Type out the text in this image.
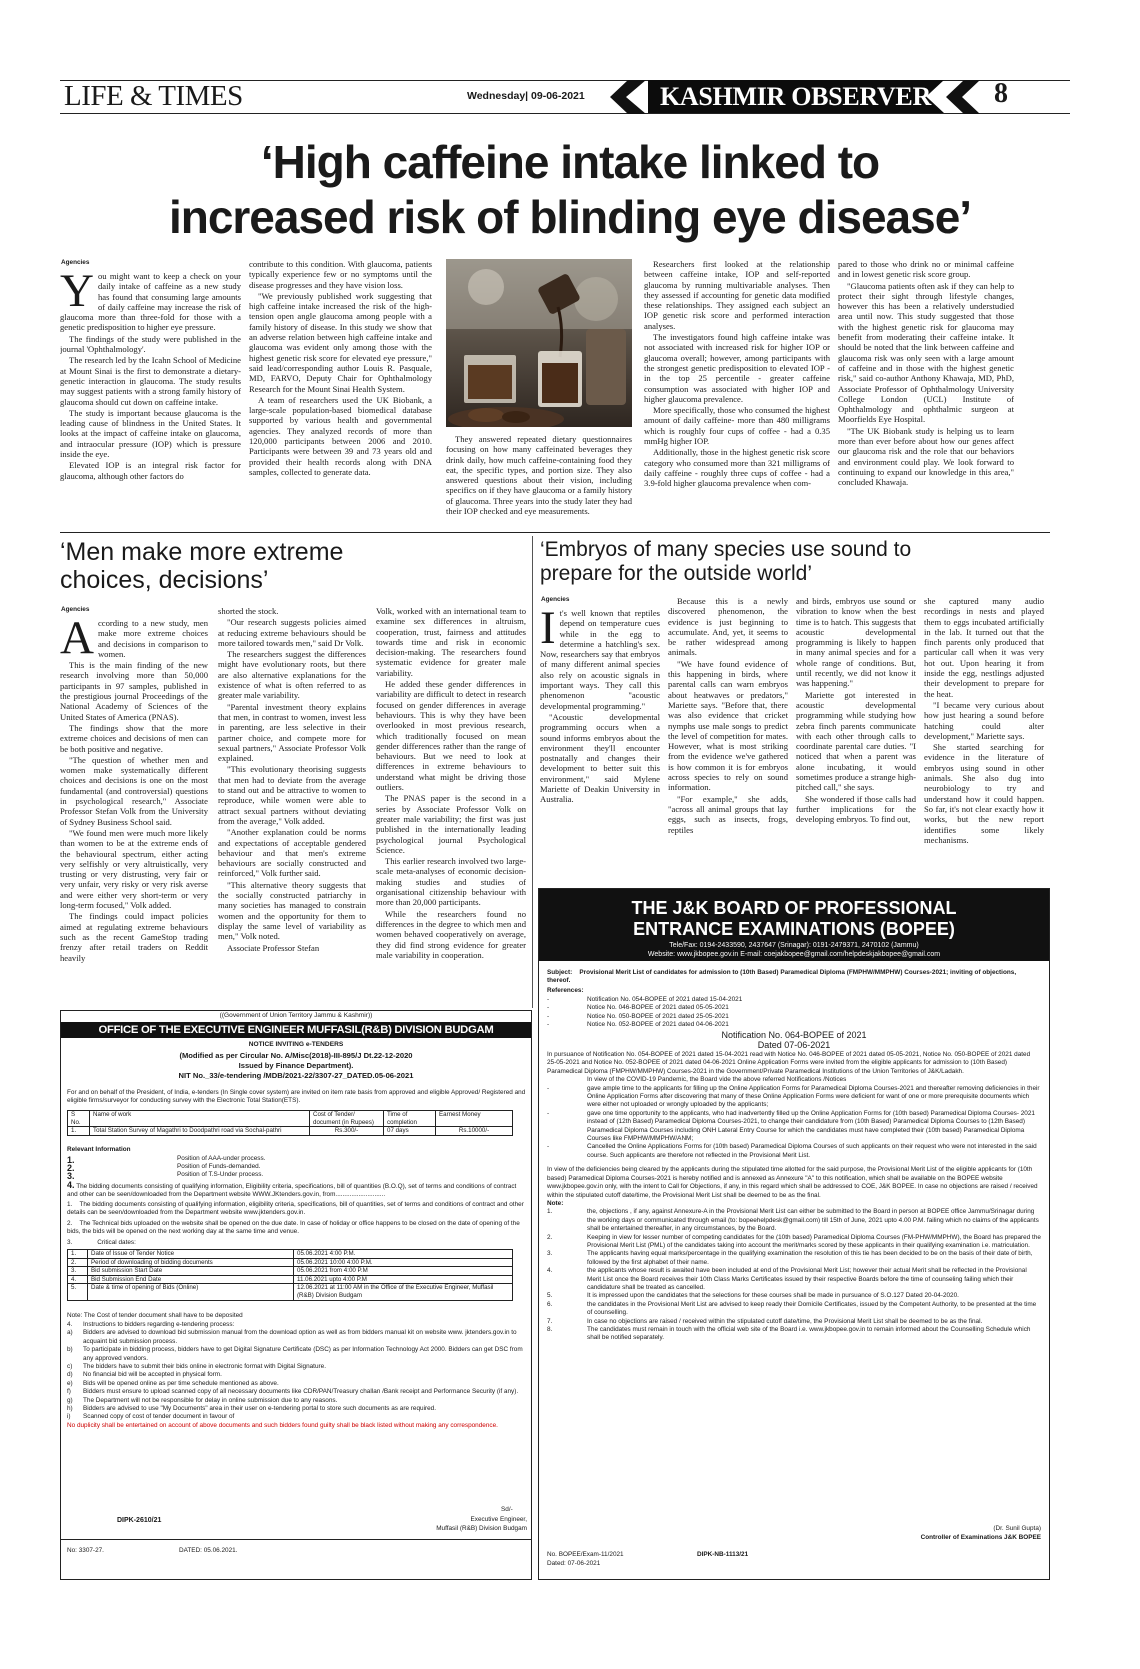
LIFE & TIMES	Wednesday| 09-06-2021	KASHMIR OBSERVER 8
‘High caffeine intake linked to
increased risk of blinding eye disease’
Agencies
Y ou might want to keep a check on your daily intake of caffeine as a new study has found that consuming large amounts of daily caffeine may increase the risk of glaucoma more than three-fold for those with a genetic predisposition to higher eye pressure.

The findings of the study were published in the journal 'Ophthalmology'.

The research led by the Icahn School of Medicine at Mount Sinai is the first to demonstrate a dietary-genetic interaction in glaucoma. The study results may suggest patients with a strong family history of glaucoma should cut down on caffeine intake.

The study is important because glaucoma is the leading cause of blindness in the United States. It looks at the impact of caffeine intake on glaucoma, and intraocular pressure (IOP) which is pressure inside the eye.

Elevated IOP is an integral risk factor for glaucoma, although other factors do

contribute to this condition. With glaucoma, patients typically experience few or no symptoms until the disease progresses and they have vision loss.

"We previously published work suggesting that high caffeine intake increased the risk of the high-tension open angle glaucoma among people with a family history of disease. In this study we show that an adverse relation between high caffeine intake and glaucoma was evident only among those with the highest genetic risk score for elevated eye pressure," said lead/corresponding author Louis R. Pasquale, MD, FARVO, Deputy Chair for Ophthalmology Research for the Mount Sinai Health System.

A team of researchers used the UK Biobank, a large-scale population-based biomedical database supported by various health and governmental agencies. They analyzed records of more than 120,000 participants between 2006 and 2010. Participants were between 39 and 73 years old and provided their health records along with DNA samples, collected to generate data.

They answered repeated dietary questionnaires focusing on how many caffeinated beverages they drink daily, how much caffeine-containing food they eat, the specific types, and portion size. They also answered questions about their vision, including specifics on if they have glaucoma or a family history of glaucoma. Three years into the study later they had their IOP checked and eye measurements.

Researchers first looked at the relationship between caffeine intake, IOP and self-reported glaucoma by running multivariable analyses. Then they assessed if accounting for genetic data modified these relationships. They assigned each subject an IOP genetic risk score and performed interaction analyses.

The investigators found high caffeine intake was not associated with increased risk for higher IOP or glaucoma overall; however, among participants with the strongest genetic predisposition to elevated IOP - in the top 25 percentile - greater caffeine consumption was associated with higher IOP and higher glaucoma prevalence.

More specifically, those who consumed the highest amount of daily caffeine- more than 480 milligrams which is roughly four cups of coffee - had a 0.35 mmHg higher IOP.

Additionally, those in the highest genetic risk score category who consumed more than 321 milligrams of daily caffeine - roughly three cups of coffee - had a 3.9-fold higher glaucoma prevalence when com-

pared to those who drink no or minimal caffeine and in lowest genetic risk score group.

"Glaucoma patients often ask if they can help to protect their sight through lifestyle changes, however this has been a relatively understudied area until now. This study suggested that those with the highest genetic risk for glaucoma may benefit from moderating their caffeine intake. It should be noted that the link between caffeine and glaucoma risk was only seen with a large amount of caffeine and in those with the highest genetic risk," said co-author Anthony Khawaja, MD, PhD, Associate Professor of Ophthalmology University College London (UCL) Institute of Ophthalmology and ophthalmic surgeon at Moorfields Eye Hospital.

"The UK Biobank study is helping us to learn more than ever before about how our genes affect our glaucoma risk and the role that our behaviors and environment could play. We look forward to continuing to expand our knowledge in this area," concluded Khawaja.

‘Men make more extreme
choices, decisions’
Agencies
A ccording to a new study, men make more extreme choices and decisions in comparison to women.

This is the main finding of the new research involving more than 50,000 participants in 97 samples, published in the prestigious journal Proceedings of the National Academy of Sciences of the United States of America (PNAS).

The findings show that the more extreme choices and decisions of men can be both positive and negative.

"The question of whether men and women make systematically different choices and decisions is one on the most fundamental (and controversial) questions in psychological research," Associate Professor Stefan Volk from the University of Sydney Business School said.

"We found men were much more likely than women to be at the extreme ends of the behavioural spectrum, either acting very selfishly or very altruistically, very trusting or very distrusting, very fair or very unfair, very risky or very risk averse and were either very short-term or very long-term focused," Volk added.

The findings could impact policies aimed at regulating extreme behaviours such as the recent GameStop trading frenzy after retail traders on Reddit heavily

shorted the stock.

"Our research suggests policies aimed at reducing extreme behaviours should be more tailored towards men," said Dr Volk.

The researchers suggest the differences might have evolutionary roots, but there are also alternative explanations for the existence of what is often referred to as greater male variability.

"Parental investment theory explains that men, in contrast to women, invest less in parenting, are less selective in their partner choice, and compete more for sexual partners," Associate Professor Volk explained.

"This evolutionary theorising suggests that men had to deviate from the average to stand out and be attractive to women to reproduce, while women were able to attract sexual partners without deviating from the average," Volk added.

"Another explanation could be norms and expectations of acceptable gendered behaviour and that men's extreme behaviours are socially constructed and reinforced," Volk further said.

"This alternative theory suggests that the socially constructed patriarchy in many societies has managed to constrain women and the opportunity for them to display the same level of variability as men," Volk noted.

Associate Professor Stefan

Volk, worked with an international team to examine sex differences in altruism, cooperation, trust, fairness and attitudes towards time and risk in economic decision-making. The researchers found systematic evidence for greater male variability.

He added these gender differences in variability are difficult to detect in research focused on gender differences in average behaviours. This is why they have been overlooked in most previous research, which traditionally focused on mean gender differences rather than the range of behaviours. But we need to look at differences in extreme behaviours to understand what might be driving those outliers.

The PNAS paper is the second in a series by Associate Professor Volk on greater male variability; the first was just published in the internationally leading psychological journal Psychological Science.

This earlier research involved two large-scale meta-analyses of economic decision-making studies and studies of organisational citizenship behaviour with more than 20,000 participants.

While the researchers found no differences in the degree to which men and women behaved cooperatively on average, they did find strong evidence for greater male variability in cooperation.

‘Embryos of many species use sound to
prepare for the outside world’
Agencies
I t's well known that reptiles depend on temperature cues while in the egg to determine a hatchling's sex. Now, researchers say that embryos of many different animal species also rely on acoustic signals in important ways. They call this phenomenon "acoustic developmental programming."

"Acoustic developmental programming occurs when a sound informs embryos about the environment they'll encounter postnatally and changes their development to better suit this environment," said Mylene Mariette of Deakin University in Australia.

Because this is a newly discovered phenomenon, the evidence is just beginning to accumulate. And, yet, it seems to be rather widespread among animals.

"We have found evidence of this happening in birds, where parental calls can warn embryos about heatwaves or predators," Mariette says. "Before that, there was also evidence that cricket nymphs use male songs to predict the level of competition for mates. However, what is most striking from the evidence we've gathered is how common it is for embryos across species to rely on sound information.

"For example," she adds, "across all animal groups that lay eggs, such as insects, frogs, reptiles

and birds, embryos use sound or vibration to know when the best time is to hatch. This suggests that acoustic developmental programming is likely to happen in many animal species and for a whole range of conditions. But, until recently, we did not know it was happening."

Mariette got interested in acoustic developmental programming while studying how zebra finch parents communicate with each other through calls to coordinate parental care duties. "I noticed that when a parent was alone incubating, it would sometimes produce a strange high-pitched call," she says.

She wondered if those calls had further implications for the developing embryos. To find out,

she captured many audio recordings in nests and played them to eggs incubated artificially in the lab. It turned out that the finch parents only produced that particular call when it was very hot out. Upon hearing it from inside the egg, nestlings adjusted their development to prepare for the heat.

"I became very curious about how just hearing a sound before hatching could alter development," Mariette says.

She started searching for evidence in the literature of embryos using sound in other animals. She also dug into neurobiology to try and understand how it could happen. So far, it's not clear exactly how it works, but the new report identifies some likely mechanisms.

((Government of Union Territory Jammu & Kashmir))
OFFICE OF THE EXECUTIVE ENGINEER MUFFASIL(R&B) DIVISION BUDGAM
NOTICE INVITING e-TENDERS
(Modified as per Circular No. A/Misc(2018)-III-895/J Dt.22-12-2020
Issued by Finance Department).
NIT No._33/e-tendering /MDB/2021-22/3307-27_DATED.05-06-2021
For and on behalf of the President, of India, e-tenders (In Single cover system) are invited on item rate basis from approved and eligible Approved/ Registered and eligible firms/surveyor for conducting survey with the Electronic Total Station(ETS).
S No.	Name of work	Cost of Tender/ document (in Rupees)	Time of completion	Earnest Money
1.	Total Station Survey of Magathri to Doodpathri road via Sochal-pathri	Rs.300/-	07 days	Rs.10000/-
Relevant Information
1.	Position of AAA-under process.
2.	Position of Funds-demanded.
3.	Position of T.S-Under process.
4. The bidding documents consisting of qualifying information, Eligibility criteria, specifications, bill of quantities (B.O.Q), set of terms and conditions of contract and other can be seen/downloaded from the Department website WWW.JKtenders.gov.in, from............................
1.    The bidding documents consisting of qualifying information, eligibility criteria, specifications, bill of quantities, set of terms and conditions of contract and other details can be seen/downloaded from the Department website www.jktenders.gov.in.
2.    The Technical bids uploaded on the website shall be opened on the due date. In case of holiday or office happens to be closed on the date of opening of the bids, the bids will be opened on the next working day at the same time and venue.
3.              Critical dates:
1.	Date of Issue of Tender Notice	05.06.2021 4:00 P.M.
2.	Period of downloading of bidding documents	05.06.2021 10:00 4:00 P.M.
3.	Bid submission Start Date	05.06.2021 from 4:00 P.M
4.	Bid Submission End Date	11.06.2021 upto 4:00 P.M
5.	Date & time of opening of Bids (Online)	12.06.2021 at 11:00 AM in the Office of the Executive Engineer, Muffasil (R&B) Division Budgam
Note: The Cost of tender document shall have to be deposited
4.	Instructions to bidders regarding e-tendering process:
a)	Bidders are advised to download bid submission manual from the download option as well as from bidders manual kit on website www. jktenders.gov.in to acquaint bid submission process.
b)	To participate in bidding process, bidders have to get Digital Signature Certificate (DSC) as per Information Technology Act 2000. Bidders can get DSC from any approved vendors.
c)	The bidders have to submit their bids online in electronic format with Digital Signature.
d)	No financial bid will be accepted in physical form.
e)	Bids will be opened online as per time schedule mentioned as above.
f)	Bidders must ensure to upload scanned copy of all necessary documents like CDR/PAN/Treasury challan /Bank receipt and Performance Security (if any).
g)	The Department will not be responsible for delay in online submission due to any reasons.
h)	Bidders are advised to use "My Documents" area in their user on e-tendering portal to store such documents as are required.
i)	Scanned copy of cost of tender document in favour of
No duplicity shall be entertained on account of above documents and such bidders found guilty shall be black listed without making any correspondence.
Sd/-
Executive Engineer,
Muffasil (R&B) Division Budgam
DIPK-2610/21
No: 3307-27.	DATED: 05.06.2021.
THE J&K BOARD OF PROFESSIONAL
ENTRANCE EXAMINATIONS (BOPEE)
Tele/Fax: 0194-2433590, 2437647 (Srinagar): 0191-2479371, 2470102 (Jammu)
Website: www.jkbopee.gov.in E-mail: coejakbopee@gmail.com/helpdeskjakbopee@gmail.com
Subject: Provisional Merit List of candidates for admission to (10th Based) Paramedical Diploma (FMPHW/MMPHW) Courses-2021; inviting of objections, thereof.
References:
-	Notification No. 054-BOPEE of 2021 dated 15-04-2021
-	Notice No. 046-BOPEE of 2021 dated 05-05-2021
-	Notice No. 050-BOPEE of 2021 dated 25-05-2021
-	Notice No. 052-BOPEE of 2021 dated 04-06-2021
Notification No. 064-BOPEE of 2021
Dated 07-06-2021
In pursuance of Notification No. 054-BOPEE of 2021 dated 15-04-2021 read with Notice No. 046-BOPEE of 2021 dated 05-05-2021, Notice No. 050-BOPEE of 2021 dated 25-05-2021 and Notice No. 052-BOPEE of 2021 dated 04-06-2021 Online Application Forms were invited from the eligible applicants for admission to (10th Based) Paramedical Diploma (FMPHW/MMPHW) Courses-2021 in the Government/Private Paramedical Institutions of the Union Territories of J&K/Ladakh.
In view of the COVID-19 Pandemic, the Board vide the above referred Notifications /Notices
-	gave ample time to the applicants for filling up the Online Application Forms for Paramedical Diploma Courses-2021 and thereafter removing deficiencies in their Online Application Forms after discovering that many of these Online Application Forms were deficient for want of one or more prerequisite documents which were either not uploaded or wrongly uploaded by the applicants;
-	gave one time opportunity to the applicants, who had inadvertently filled up the Online Application Forms for (10th based) Paramedical Diploma Courses- 2021 instead of (12th Based) Paramedical Diploma Courses-2021, to change their candidature from (10th Based) Paramedical Diploma Courses to (12th Based) Paramedical Diploma Courses including ONH Lateral Entry Course for which the candidates must have completed their (10th based) Paramedical Diploma Courses like FMPHW/MMPHW/ANM;
-	Cancelled the Online Applications Forms for (10th based) Paramedical Diploma Courses of such applicants on their request who were not interested in the said course. Such applicants are therefore not reflected in the Provisional Merit List.
In view of the deficiencies being cleared by the applicants during the stipulated time allotted for the said purpose, the Provisional Merit List of the eligible applicants for (10th based) Paramedical Diploma Courses-2021 is hereby notified and is annexed as Annexure "A" to this notification, which shall be available on the BOPEE website www.jkbopee.gov.in only, with the intent to Call for Objections, if any, in this regard which shall be addressed to COE, J&K BOPEE. In case no objections are raised / received within the stipulated cutoff date/time, the Provisional Merit List shall be deemed to be as the final.
Note:
1.	the, objections , if any, against Annexure-A in the Provisional Merit List can either be submitted to the Board in person at BOPEE office Jammu/Srinagar during the working days or communicated through email (to: bopeehelpdesk@gmail.com) till 15th of June, 2021 upto 4.00 P.M. failing which no claims of the applicants shall be entertained thereafter, in any circumstances, by the Board.
2.	Keeping in view for lesser number of competing candidates for the (10th based) Paramedical Diploma Courses (FM-PHW/MMPHW), the Board has prepared the Provisional Merit List (PML) of the candidates taking into account the merit/marks scored by these applicants in their qualifying examination i.e. matriculation.
3.	The applicants having equal marks/percentage in the qualifying examination the resolution of this tie has been decided to be on the basis of their date of birth, followed by the first alphabet of their name.
4.	the applicants whose result is awaited have been included at end of the Provisional Merit List; however their actual Merit shall be reflected in the Provisional Merit List once the Board receives their 10th Class Marks Certificates issued by their respective Boards before the time of counseling failing which their candidature shall be treated as cancelled.
5.	It is impressed upon the candidates that the selections for these courses shall be made in pursuance of S.O.127 Dated 20-04-2020.
6.	the candidates in the Provisional Merit List are advised to keep ready their Domicile Certificates, issued by the Competent Authority, to be presented at the time of counselling.
7.	In case no objections are raised / received within the stipulated cutoff date/time, the Provisional Merit List shall be deemed to be as the final.
8.	The candidates must remain in touch with the official web site of the Board i.e. www.jkbopee.gov.in to remain informed about the Counselling Schedule which shall be notified separately.
(Dr. Sunil Gupta)
Controller of Examinations J&K BOPEE
No. BOPEE/Exam-11/2021	DIPK-NB-1113/21
Dated: 07-06-2021
